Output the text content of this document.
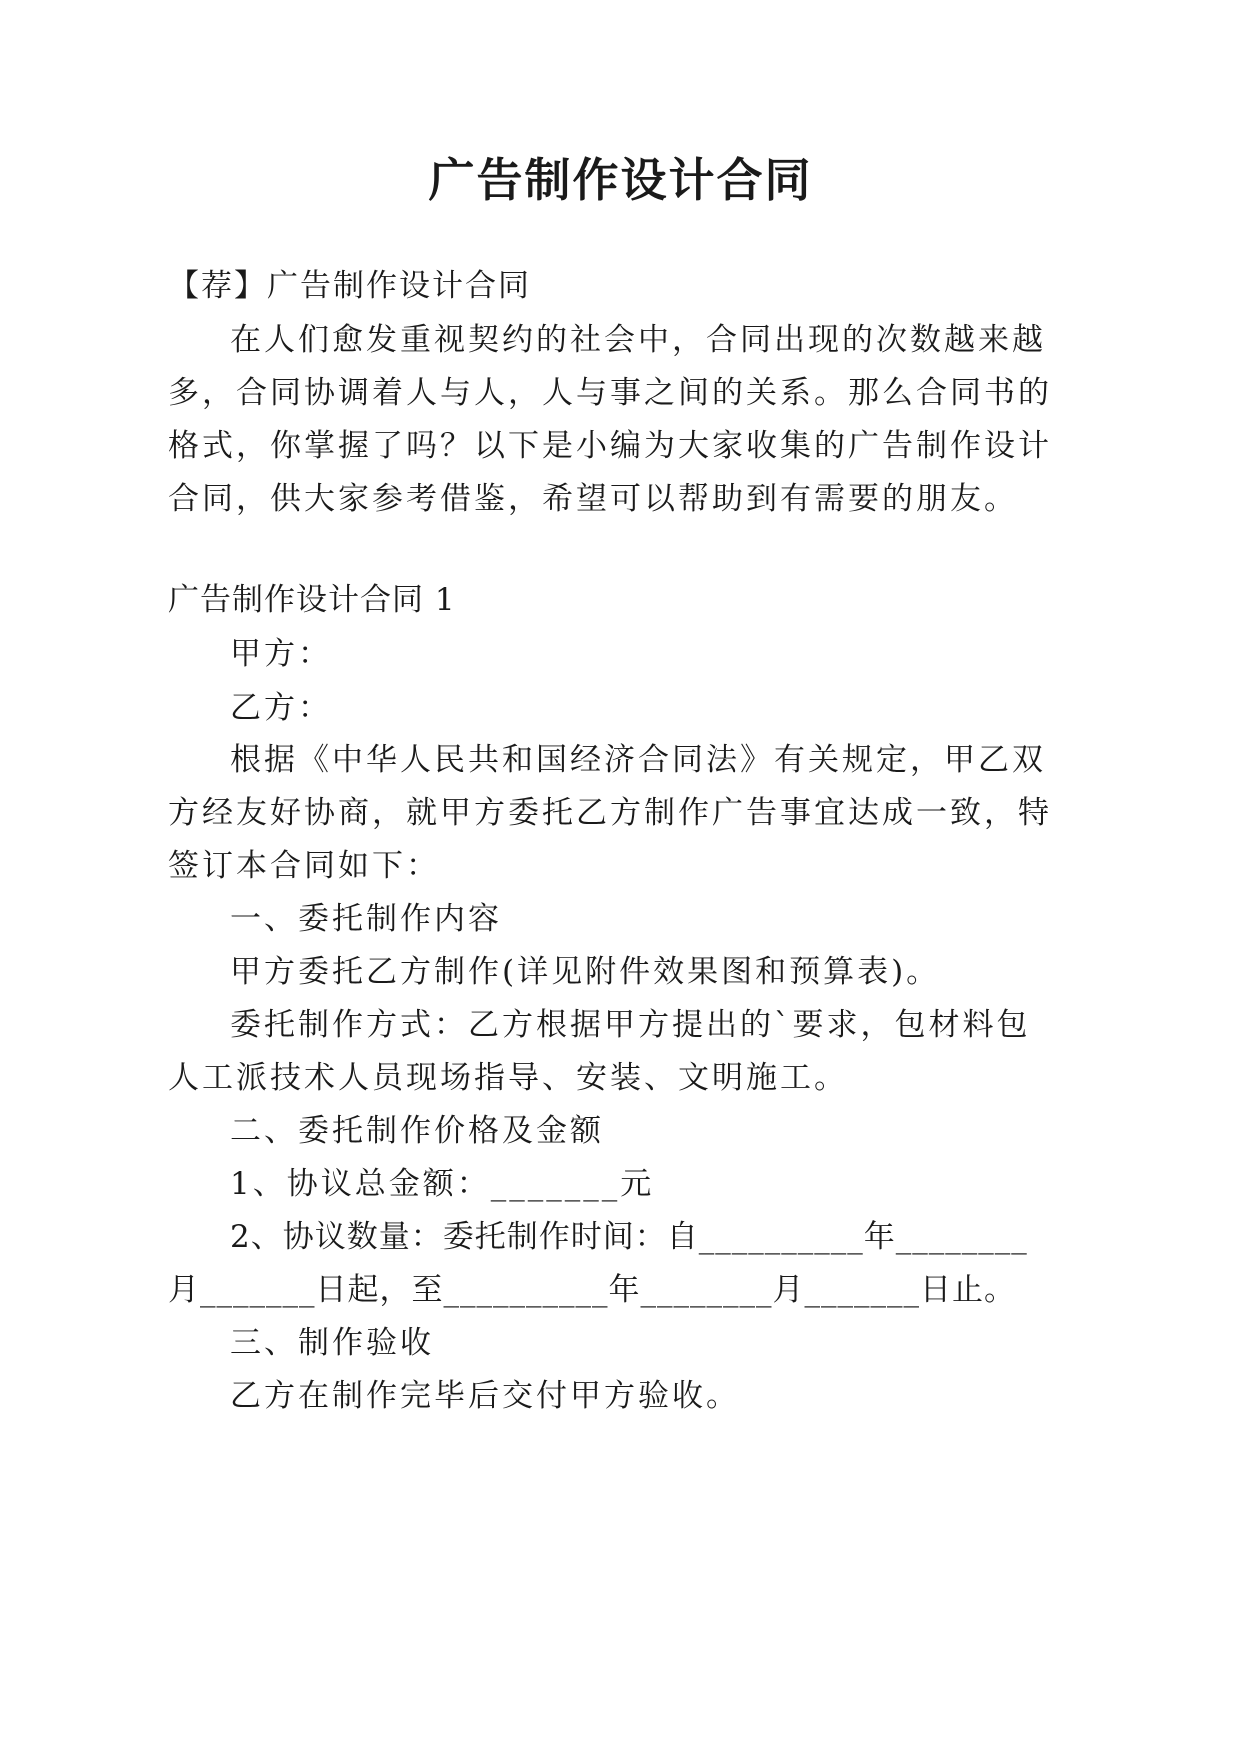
广告制作设计合同
【荐】广告制作设计合同
在人们愈发重视契约的社会中，合同出现的次数越来越
多，合同协调着人与人，人与事之间的关系。那么合同书的
格式，你掌握了吗？以下是小编为大家收集的广告制作设计
合同，供大家参考借鉴，希望可以帮助到有需要的朋友。
广告制作设计合同 1
甲方：
乙方：
根据《中华人民共和国经济合同法》有关规定，甲乙双
方经友好协商，就甲方委托乙方制作广告事宜达成一致，特
签订本合同如下：
一、委托制作内容
甲方委托乙方制作(详见附件效果图和预算表)。
委托制作方式：乙方根据甲方提出的`要求，包材料包
人工派技术人员现场指导、安装、文明施工。
二、委托制作价格及金额
1、协议总金额：_______元
2、协议数量：委托制作时间：自__________年________
月_______日起，至__________年________月_______日止。
三、制作验收
乙方在制作完毕后交付甲方验收。
